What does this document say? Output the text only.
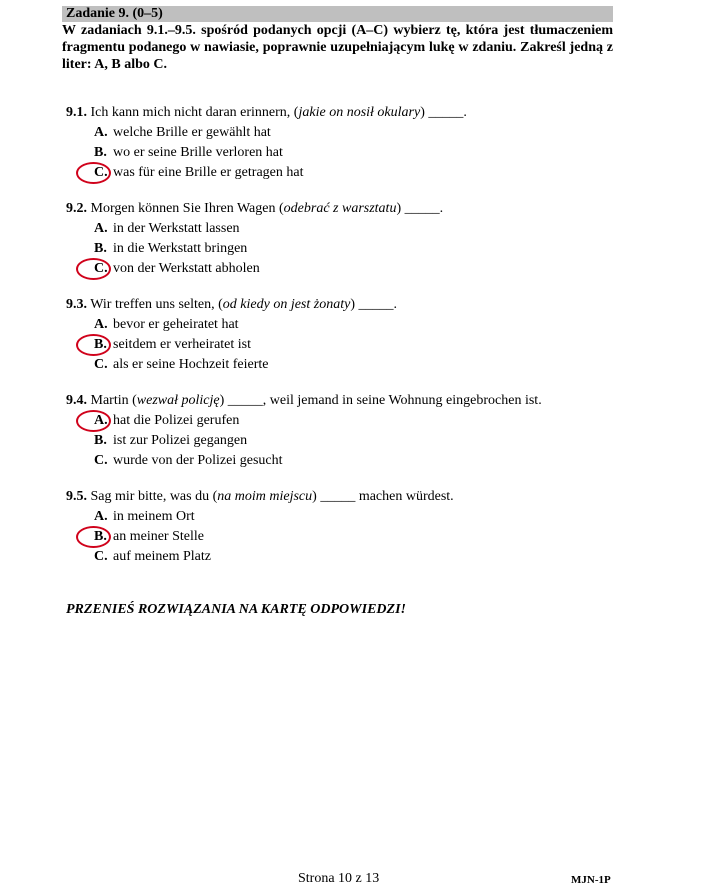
Zadanie 9. (0–5)
W zadaniach 9.1.–9.5. spośród podanych opcji (A–C) wybierz tę, która jest tłumaczeniem fragmentu podanego w nawiasie, poprawnie uzupełniającym lukę w zdaniu. Zakreśl jedną z liter: A, B albo C.
9.1. Ich kann mich nicht daran erinnern, (jakie on nosił okulary) _____.
A. welche Brille er gewählt hat
B. wo er seine Brille verloren hat
C. was für eine Brille er getragen hat
9.2. Morgen können Sie Ihren Wagen (odebrać z warsztatu) _____.
A. in der Werkstatt lassen
B. in die Werkstatt bringen
C. von der Werkstatt abholen
9.3. Wir treffen uns selten, (od kiedy on jest żonaty) _____.
A. bevor er geheiratet hat
B. seitdem er verheiratet ist
C. als er seine Hochzeit feierte
9.4. Martin (wezwał policję) _____, weil jemand in seine Wohnung eingebrochen ist.
A. hat die Polizei gerufen
B. ist zur Polizei gegangen
C. wurde von der Polizei gesucht
9.5. Sag mir bitte, was du (na moim miejscu) _____ machen würdest.
A. in meinem Ort
B. an meiner Stelle
C. auf meinem Platz
PRZENIEŚ ROZWIĄZANIA NA KARTĘ ODPOWIEDZI!
Strona 10 z 13	MJN-1P
